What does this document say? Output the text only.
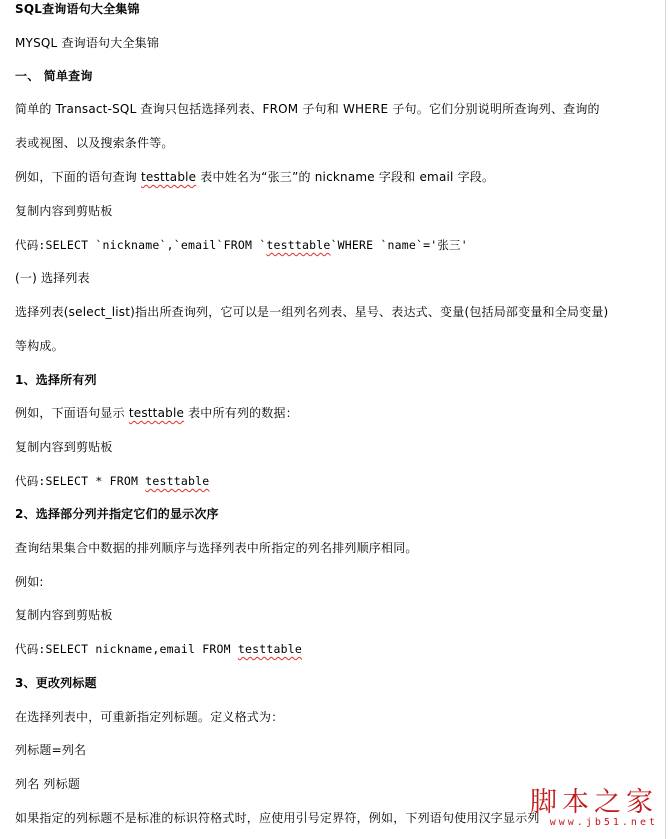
SQL查询语句大全集锦
MYSQL 查询语句大全集锦
一、 简单查询
简单的 Transact-SQL 查询只包括选择列表、FROM 子句和 WHERE 子句。它们分别说明所查询列、查询的
表或视图、以及搜索条件等。
例如，下面的语句查询 testtable 表中姓名为“张三”的 nickname 字段和 email 字段。
复制内容到剪贴板
代码:SELECT `nickname`,`email`FROM `testtable`WHERE `name`='张三'
(一) 选择列表
选择列表(select_list)指出所查询列，它可以是一组列名列表、星号、表达式、变量(包括局部变量和全局变量)
等构成。
1、选择所有列
例如，下面语句显示 testtable 表中所有列的数据：
复制内容到剪贴板
代码:SELECT * FROM testtable
2、选择部分列并指定它们的显示次序
查询结果集合中数据的排列顺序与选择列表中所指定的列名排列顺序相同。
例如:
复制内容到剪贴板
代码:SELECT nickname,email FROM testtable
3、更改列标题
在选择列表中，可重新指定列标题。定义格式为：
列标题=列名
列名 列标题
如果指定的列标题不是标准的标识符格式时，应使用引号定界符，例如，下列语句使用汉字显示列
脚本之家
www.jb51.net
